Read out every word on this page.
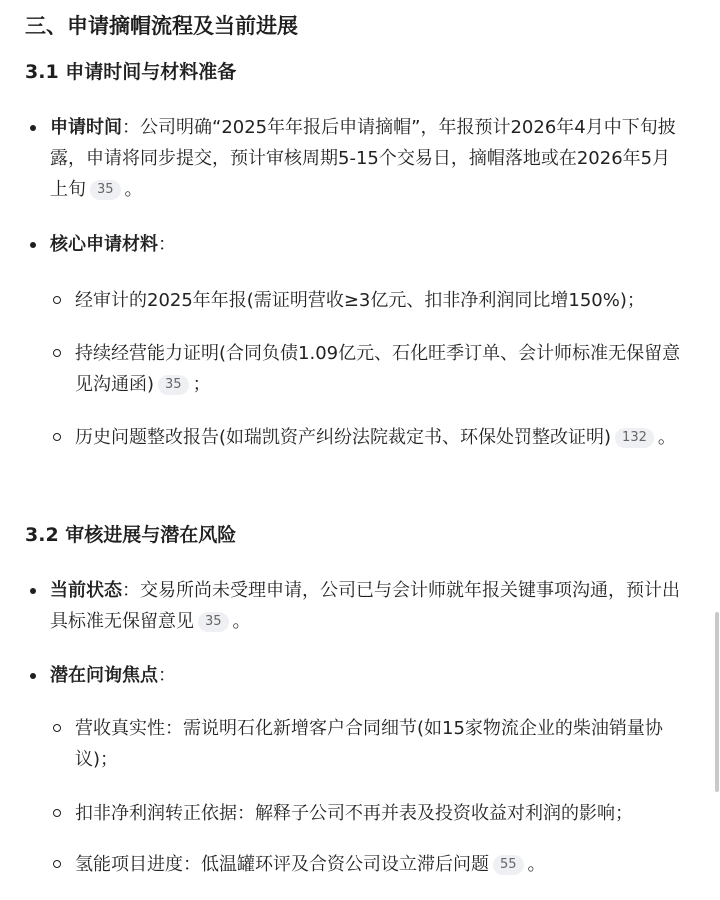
三、申请摘帽流程及当前进展
3.1 申请时间与材料准备
申请时间：公司明确“2025年年报后申请摘帽”，年报预计2026年4月中下旬披露，申请将同步提交，预计审核周期5-15个交易日，摘帽落地或在2026年5月上旬 35 。
核心申请材料：
经审计的2025年年报(需证明营收≥3亿元、扣非净利润同比增150%)；
持续经营能力证明(合同负债1.09亿元、石化旺季订单、会计师标准无保留意见沟通函) 35 ；
历史问题整改报告(如瑞凯资产纠纷法院裁定书、环保处罚整改证明) 132 。
3.2 审核进展与潜在风险
当前状态：交易所尚未受理申请，公司已与会计师就年报关键事项沟通，预计出具标准无保留意见 35 。
潜在问询焦点：
营收真实性：需说明石化新增客户合同细节(如15家物流企业的柴油销量协议)；
扣非净利润转正依据：解释子公司不再并表及投资收益对利润的影响；
氢能项目进度：低温罐环评及合资公司设立滞后问题 55 。
